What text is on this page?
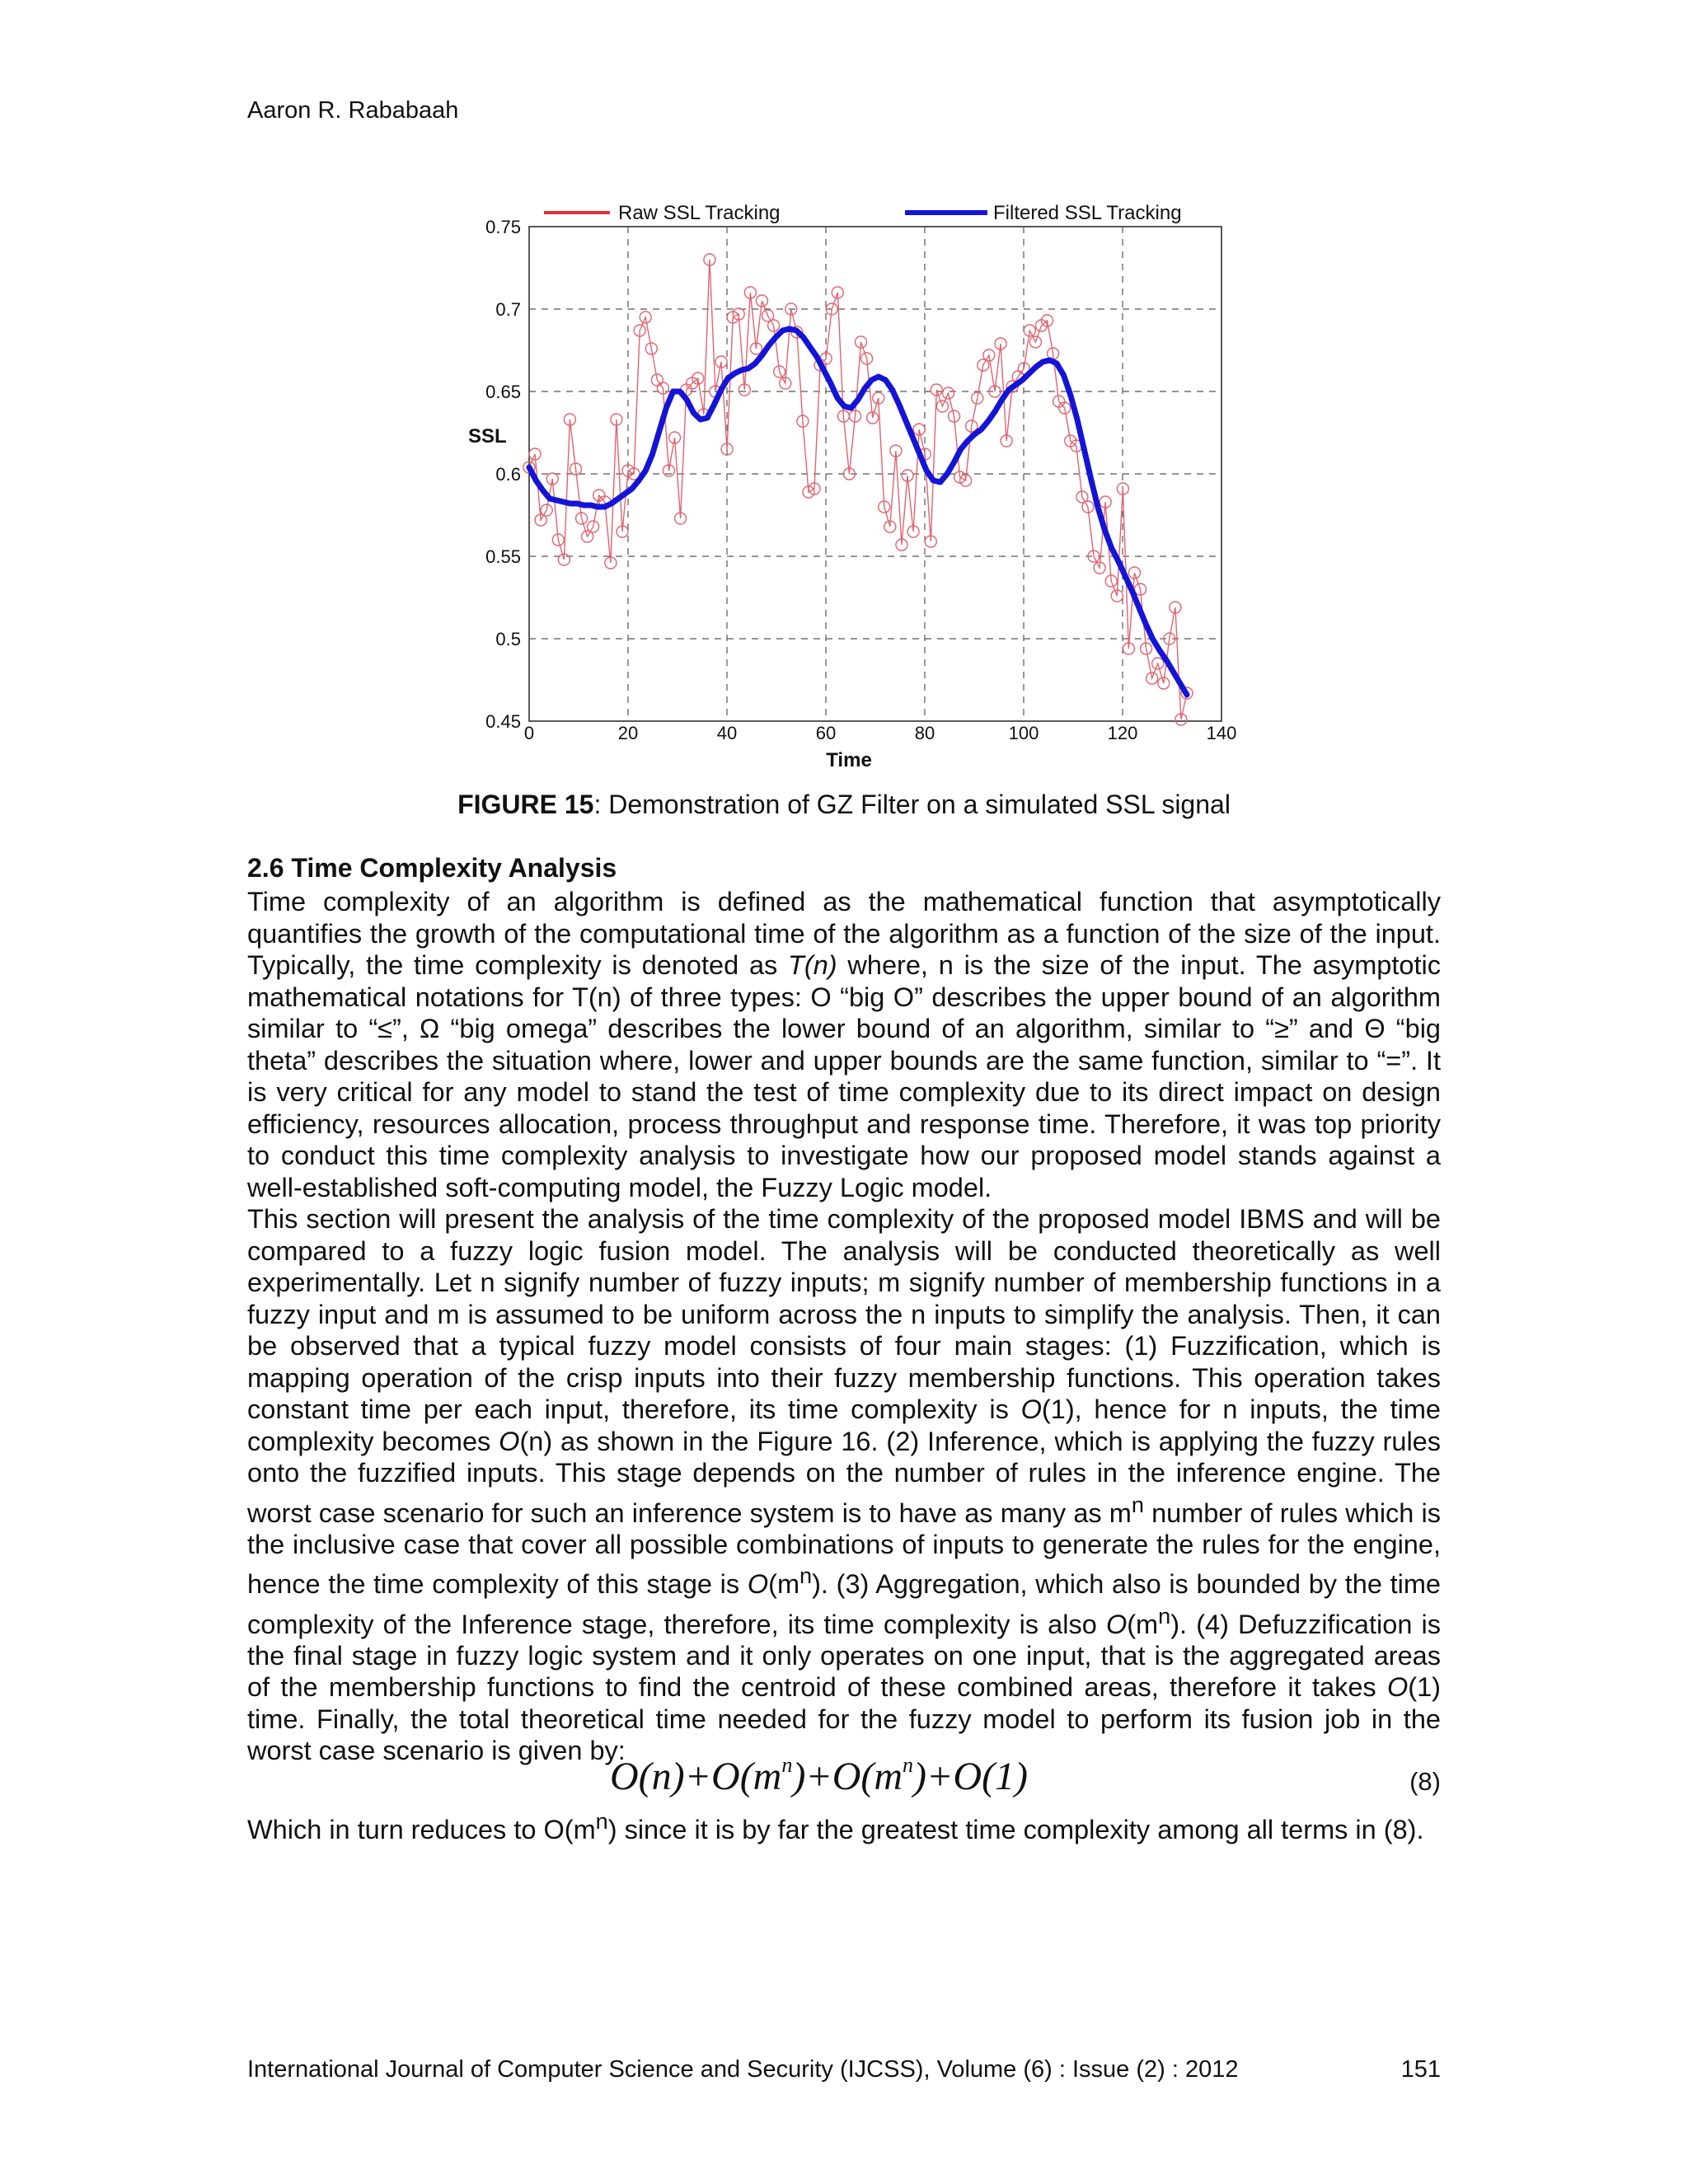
Aaron R. Rababaah
0.45
0.5
0.55
0.6
0.65
0.7
0.75
0	20	40	60	80	100	120	140
SSL
Time
Raw SSL Tracking	Filtered SSL Tracking
FIGURE 15: Demonstration of GZ Filter on a simulated SSL signal
2.6 Time Complexity Analysis

Time complexity of an algorithm is defined as the mathematical function that asymptotically quantifies the growth of the computational time of the algorithm as a function of the size of the input. Typically, the time complexity is denoted as T(n) where, n is the size of the input. The asymptotic mathematical notations for T(n) of three types: O “big O” describes the upper bound of an algorithm similar to “≤”, Ω “big omega” describes the lower bound of an algorithm, similar to “≥” and Θ “big theta” describes the situation where, lower and upper bounds are the same function, similar to “=”. It is very critical for any model to stand the test of time complexity due to its direct impact on design efficiency, resources allocation, process throughput and response time. Therefore, it was top priority to conduct this time complexity analysis to investigate how our proposed model stands against a well-established soft-computing model, the Fuzzy Logic model.

This section will present the analysis of the time complexity of the proposed model IBMS and will be compared to a fuzzy logic fusion model. The analysis will be conducted theoretically as well experimentally. Let n signify number of fuzzy inputs; m signify number of membership functions in a fuzzy input and m is assumed to be uniform across the n inputs to simplify the analysis. Then, it can be observed that a typical fuzzy model consists of four main stages: (1) Fuzzification, which is mapping operation of the crisp inputs into their fuzzy membership functions. This operation takes constant time per each input, therefore, its time complexity is O(1), hence for n inputs, the time complexity becomes O(n) as shown in the Figure 16. (2) Inference, which is applying the fuzzy rules onto the fuzzified inputs. This stage depends on the number of rules in the inference engine. The worst case scenario for such an inference system is to have as many as $m^n$ number of rules which is the inclusive case that cover all possible combinations of inputs to generate the rules for the engine, hence the time complexity of this stage is $O(m^n)$. (3) Aggregation, which also is bounded by the time complexity of the Inference stage, therefore, its time complexity is also $O(m^n)$. (4) Defuzzification is the final stage in fuzzy logic system and it only operates on one input, that is the aggregated areas of the membership functions to find the centroid of these combined areas, therefore it takes O(1) time. Finally, the total theoretical time needed for the fuzzy model to perform its fusion job in the worst case scenario is given by:

$O(n)+O(m^n)+O(m^n)+O(1)$	(8)

Which in turn reduces to $O(m^n)$ since it is by far the greatest time complexity among all terms in (8).

International Journal of Computer Science and Security (IJCSS), Volume (6) : Issue (2) : 2012	151
